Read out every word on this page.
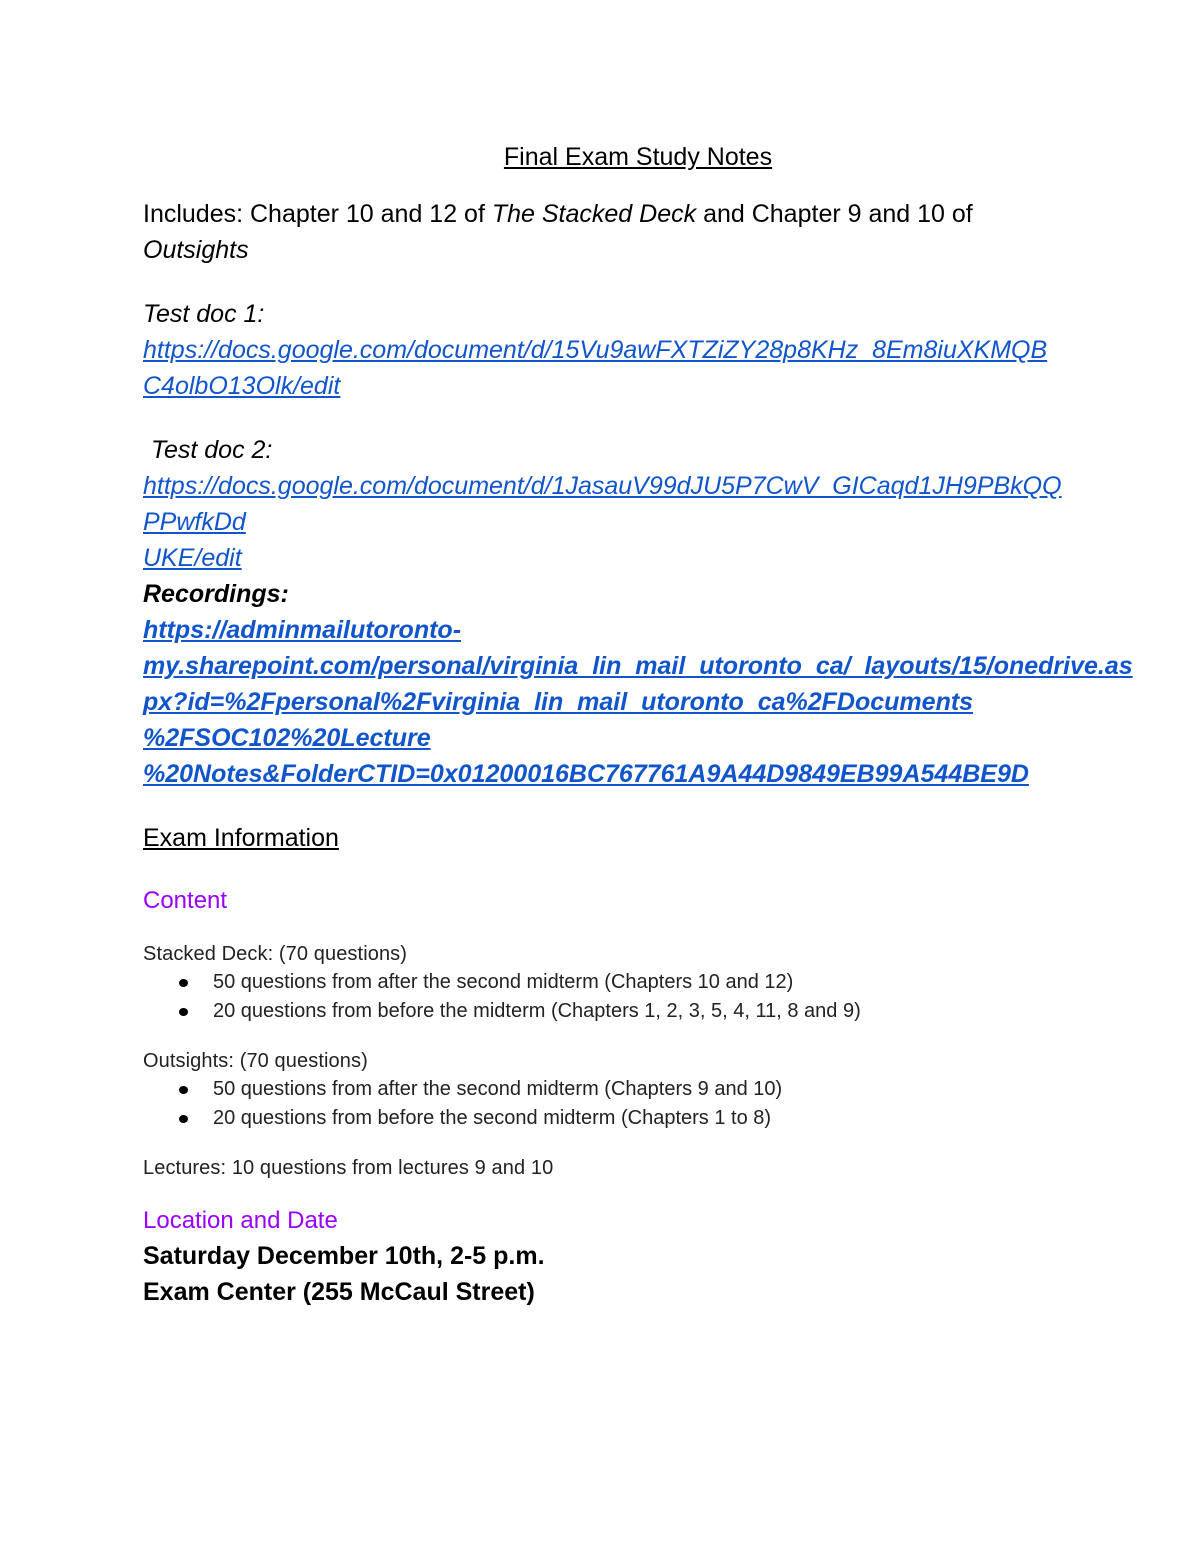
Final Exam Study Notes

Includes: Chapter 10 and 12 of The Stacked Deck and Chapter 9 and 10 of
Outsights

Test doc 1:
https://docs.google.com/document/d/15Vu9awFXTZiZY28p8KHz_8Em8iuXKMQB
C4olbO13Olk/edit
Test doc 2:
https://docs.google.com/document/d/1JasauV99dJU5P7CwV_GICaqd1JH9PBkQQ
PPwfkDd
UKE/edit
Recordings:
https://adminmailutoronto-
my.sharepoint.com/personal/virginia_lin_mail_utoronto_ca/_layouts/15/onedrive.as
px?id=%2Fpersonal%2Fvirginia_lin_mail_utoronto_ca%2FDocuments
%2FSOC102%20Lecture
%20Notes&FolderCTID=0x01200016BC767761A9A44D9849EB99A544BE9D

Exam Information

Content

Stacked Deck: (70 questions)
50 questions from after the second midterm (Chapters 10 and 12)
20 questions from before the midterm (Chapters 1, 2, 3, 5, 4, 11, 8 and 9)
Outsights: (70 questions)
50 questions from after the second midterm (Chapters 9 and 10)
20 questions from before the second midterm (Chapters 1 to 8)
Lectures: 10 questions from lectures 9 and 10

Location and Date

Saturday December 10th, 2-5 p.m.
Exam Center (255 McCaul Street)
